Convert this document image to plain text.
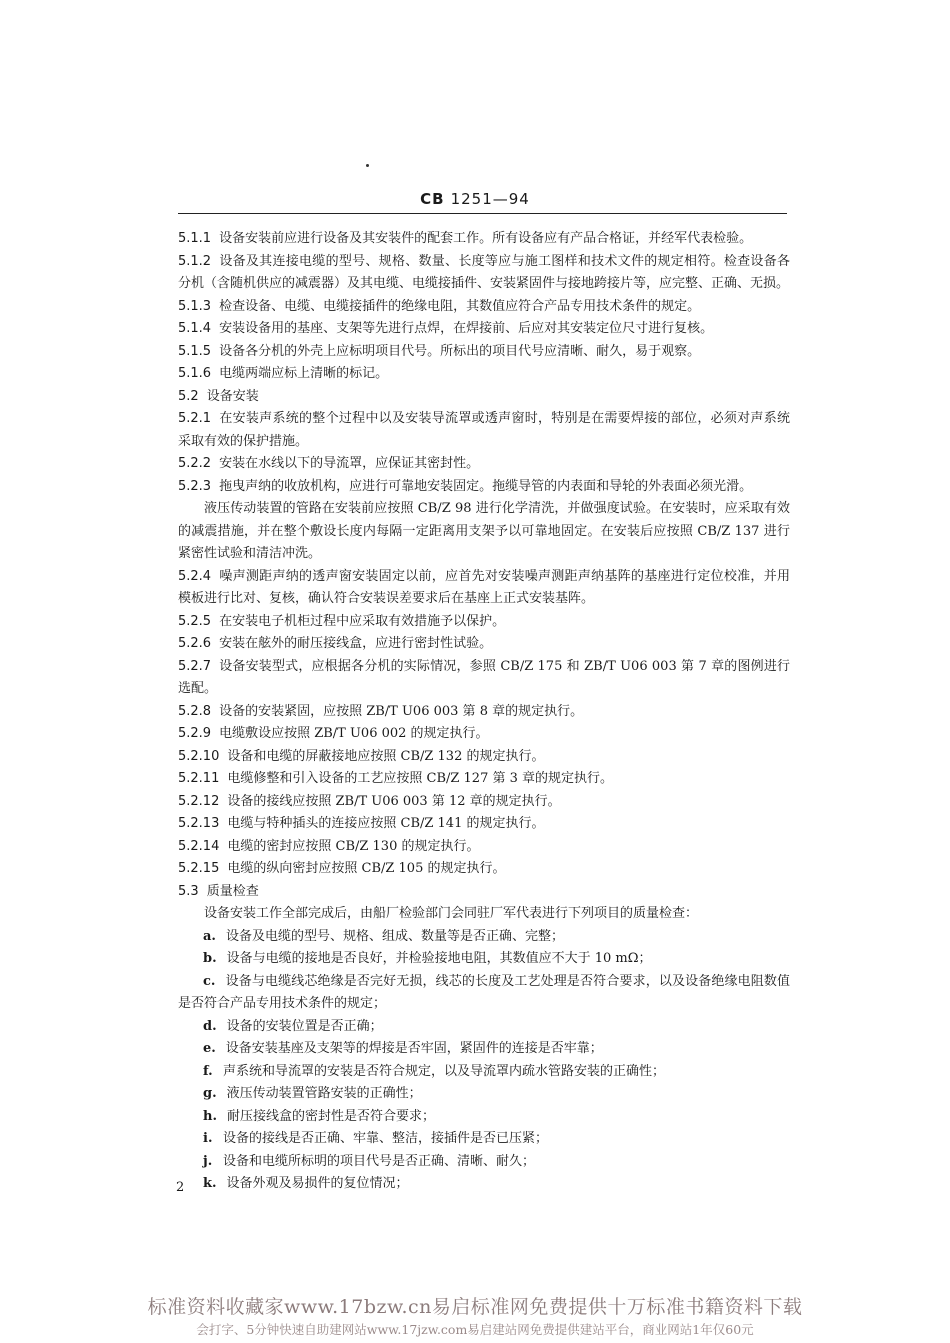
CB 1251—94

5.1.1 设备安装前应进行设备及其安装件的配套工作。所有设备应有产品合格证，并经军代表检验。

5.1.2 设备及其连接电缆的型号、规格、数量、长度等应与施工图样和技术文件的规定相符。检查设备各分机（含随机供应的减震器）及其电缆、电缆接插件、安装紧固件与接地跨接片等，应完整、正确、无损。

5.1.3 检查设备、电缆、电缆接插件的绝缘电阻，其数值应符合产品专用技术条件的规定。

5.1.4 安装设备用的基座、支架等先进行点焊，在焊接前、后应对其安装定位尺寸进行复核。

5.1.5 设备各分机的外壳上应标明项目代号。所标出的项目代号应清晰、耐久，易于观察。

5.1.6 电缆两端应标上清晰的标记。

5.2 设备安装

5.2.1 在安装声系统的整个过程中以及安装导流罩或透声窗时，特别是在需要焊接的部位，必须对声系统采取有效的保护措施。

5.2.2 安装在水线以下的导流罩，应保证其密封性。

5.2.3 拖曳声纳的收放机构，应进行可靠地安装固定。拖缆导管的内表面和导轮的外表面必须光滑。

液压传动装置的管路在安装前应按照 CB/Z 98 进行化学清洗，并做强度试验。在安装时，应采取有效的减震措施，并在整个敷设长度内每隔一定距离用支架予以可靠地固定。在安装后应按照 CB/Z 137 进行紧密性试验和清洁冲洗。

5.2.4 噪声测距声纳的透声窗安装固定以前，应首先对安装噪声测距声纳基阵的基座进行定位校准，并用模板进行比对、复核，确认符合安装误差要求后在基座上正式安装基阵。

5.2.5 在安装电子机柜过程中应采取有效措施予以保护。

5.2.6 安装在舷外的耐压接线盒，应进行密封性试验。

5.2.7 设备安装型式，应根据各分机的实际情况，参照 CB/Z 175 和 ZB/T U06 003 第 7 章的图例进行选配。

5.2.8 设备的安装紧固，应按照 ZB/T U06 003 第 8 章的规定执行。

5.2.9 电缆敷设应按照 ZB/T U06 002 的规定执行。

5.2.10 设备和电缆的屏蔽接地应按照 CB/Z 132 的规定执行。

5.2.11 电缆修整和引入设备的工艺应按照 CB/Z 127 第 3 章的规定执行。

5.2.12 设备的接线应按照 ZB/T U06 003 第 12 章的规定执行。

5.2.13 电缆与特种插头的连接应按照 CB/Z 141 的规定执行。

5.2.14 电缆的密封应按照 CB/Z 130 的规定执行。

5.2.15 电缆的纵向密封应按照 CB/Z 105 的规定执行。

5.3 质量检查

设备安装工作全部完成后，由船厂检验部门会同驻厂军代表进行下列项目的质量检查：

a. 设备及电缆的型号、规格、组成、数量等是否正确、完整；

b. 设备与电缆的接地是否良好，并检验接地电阻，其数值应不大于 10 mΩ；

c. 设备与电缆线芯绝缘是否完好无损，线芯的长度及工艺处理是否符合要求，以及设备绝缘电阻数值是否符合产品专用技术条件的规定；

d. 设备的安装位置是否正确；

e. 设备安装基座及支架等的焊接是否牢固，紧固件的连接是否牢靠；

f. 声系统和导流罩的安装是否符合规定，以及导流罩内疏水管路安装的正确性；

g. 液压传动装置管路安装的正确性；

h. 耐压接线盒的密封性是否符合要求；

i. 设备的接线是否正确、牢靠、整洁，接插件是否已压紧；

j. 设备和电缆所标明的项目代号是否正确、清晰、耐久；

k. 设备外观及易损件的复位情况；

2
标准资料收藏家www.17bzw.cn易启标准网免费提供十万标准书籍资料下载
会打字、5分钟快速自助建网站www.17jzw.com易启建站网免费提供建站平台，商业网站1年仅60元
